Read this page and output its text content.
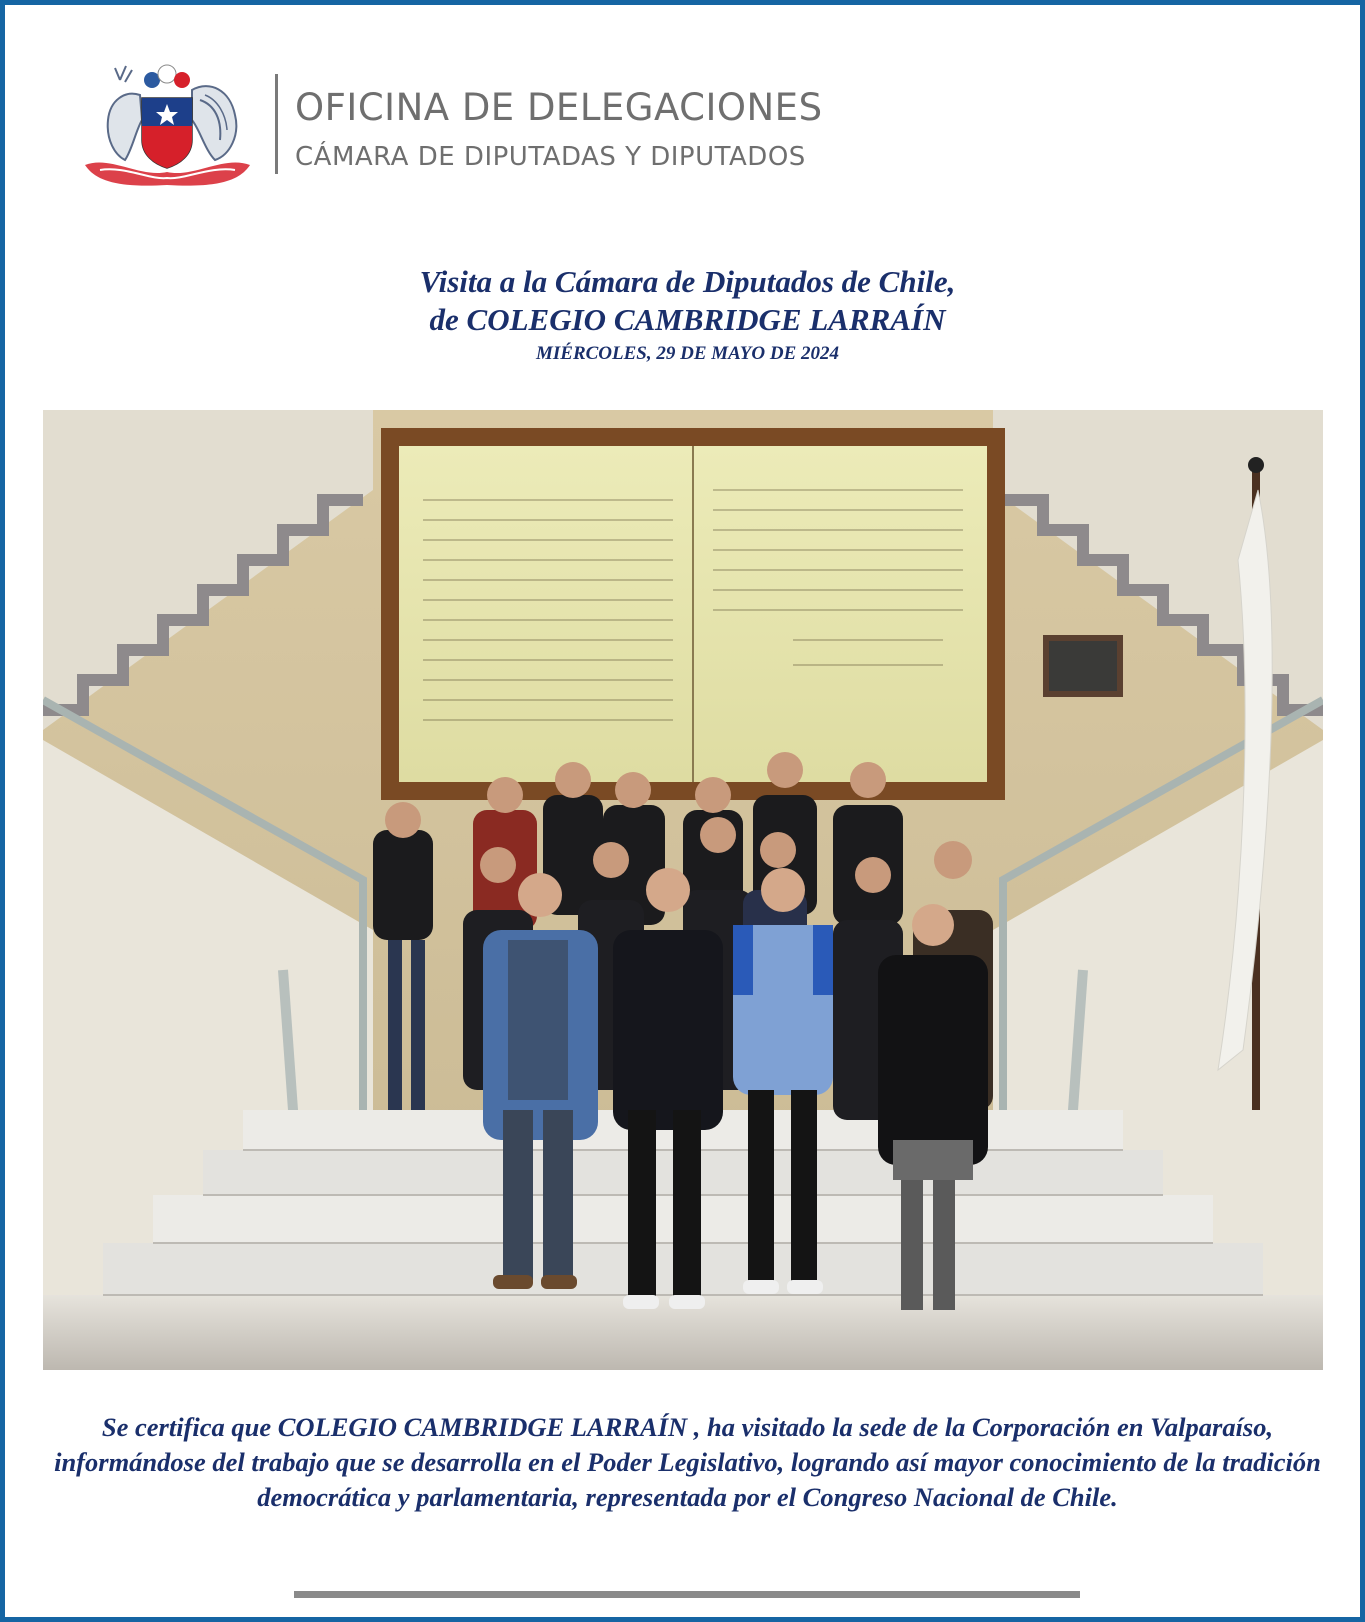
OFICINA DE DELEGACIONES
CÁMARA DE DIPUTADAS Y DIPUTADOS
Visita a la Cámara de Diputados de Chile,
de COLEGIO CAMBRIDGE LARRAÍN
MIÉRCOLES, 29 DE MAYO DE 2024
Se certifica que COLEGIO CAMBRIDGE LARRAÍN , ha visitado la sede de la Corporación en Valparaíso, informándose del trabajo que se desarrolla en el Poder Legislativo, logrando así mayor conocimiento de la tradición democrática y parlamentaria, representada por el Congreso Nacional de Chile.
